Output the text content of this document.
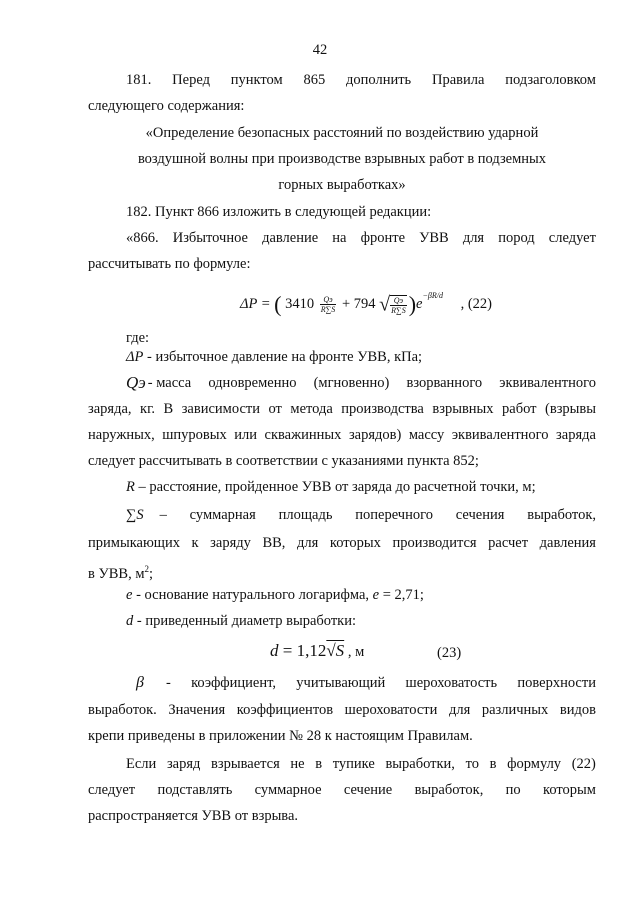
42
181. Перед пунктом 865 дополнить Правила подзаголовком
следующего содержания:
«Определение безопасных расстояний по воздействию ударной
воздушной волны при производстве взрывных работ в подземных
горных выработках»
182. Пункт 866 изложить в следующей редакции:
«866. Избыточное давление на фронте УВВ для пород следует
рассчитывать по формуле:
ΔP = ( $3410 \frac{Qэ}{R\sum S} + 794$ √ $\frac{Qэ}{R\sum S} )e^{-\beta R/d}$ , (22)
где:
ΔP - избыточное давление на фронте УВВ, кПа;
Qэ - масса одновременно (мгновенно) взорванного эквивалентного
заряда, кг. В зависимости от метода производства взрывных работ (взрывы
наружных, шпуровых или скважинных зарядов) массу эквивалентного заряда
следует рассчитывать в соответствии с указаниями пункта 852;
R – расстояние, пройденное УВВ от заряда до расчетной точки, м;
∑S – суммарная площадь поперечного сечения выработок,
примыкающих к заряду ВВ, для которых производится расчет давления
в УВВ, $м^2$;
e - основание натурального логарифма, e = 2,71;
d - приведенный диаметр выработки:
d = 1,12√S , м	(23)
β - коэффициент, учитывающий шероховатость поверхности
выработок. Значения коэффициентов шероховатости для различных видов
крепи приведены в приложении № 28 к настоящим Правилам.
Если заряд взрывается не в тупике выработки, то в формулу (22)
следует подставлять суммарное сечение выработок, по которым
распространяется УВВ от взрыва.
